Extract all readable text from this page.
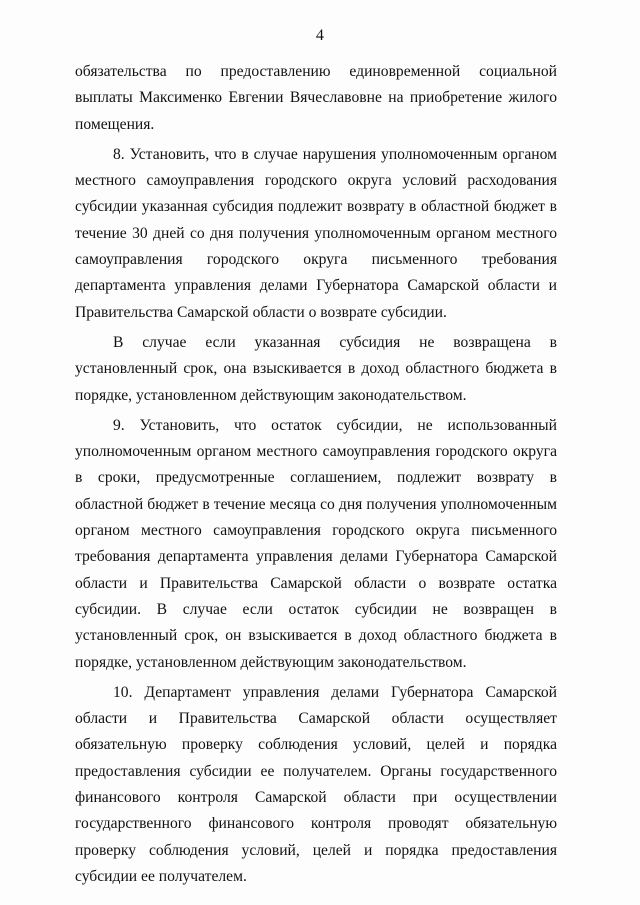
4

обязательства по предоставлению единовременной социальной выплаты Максименко Евгении Вячеславовне на приобретение жилого помещения.

8. Установить, что в случае нарушения уполномоченным органом местного самоуправления городского округа условий расходования субсидии указанная субсидия подлежит возврату в областной бюджет в течение 30 дней со дня получения уполномоченным органом местного самоуправления городского округа письменного требования департамента управления делами Губернатора Самарской области и Правительства Самарской области о возврате субсидии.

В случае если указанная субсидия не возвращена в установленный срок, она взыскивается в доход областного бюджета в порядке, установленном действующим законодательством.

9. Установить, что остаток субсидии, не использованный уполномоченным органом местного самоуправления городского округа в сроки, предусмотренные соглашением, подлежит возврату в областной бюджет в течение месяца со дня получения уполномоченным органом местного самоуправления городского округа письменного требования департамента управления делами Губернатора Самарской области и Правительства Самарской области о возврате остатка субсидии. В случае если остаток субсидии не возвращен в установленный срок, он взыскивается в доход областного бюджета в порядке, установленном действующим законодательством.

10. Департамент управления делами Губернатора Самарской области и Правительства Самарской области осуществляет обязательную проверку соблюдения условий, целей и порядка предоставления субсидии ее получателем. Органы государственного финансового контроля Самарской области при осуществлении государственного финансового контроля проводят обязательную проверку соблюдения условий, целей и порядка предоставления субсидии ее получателем.
